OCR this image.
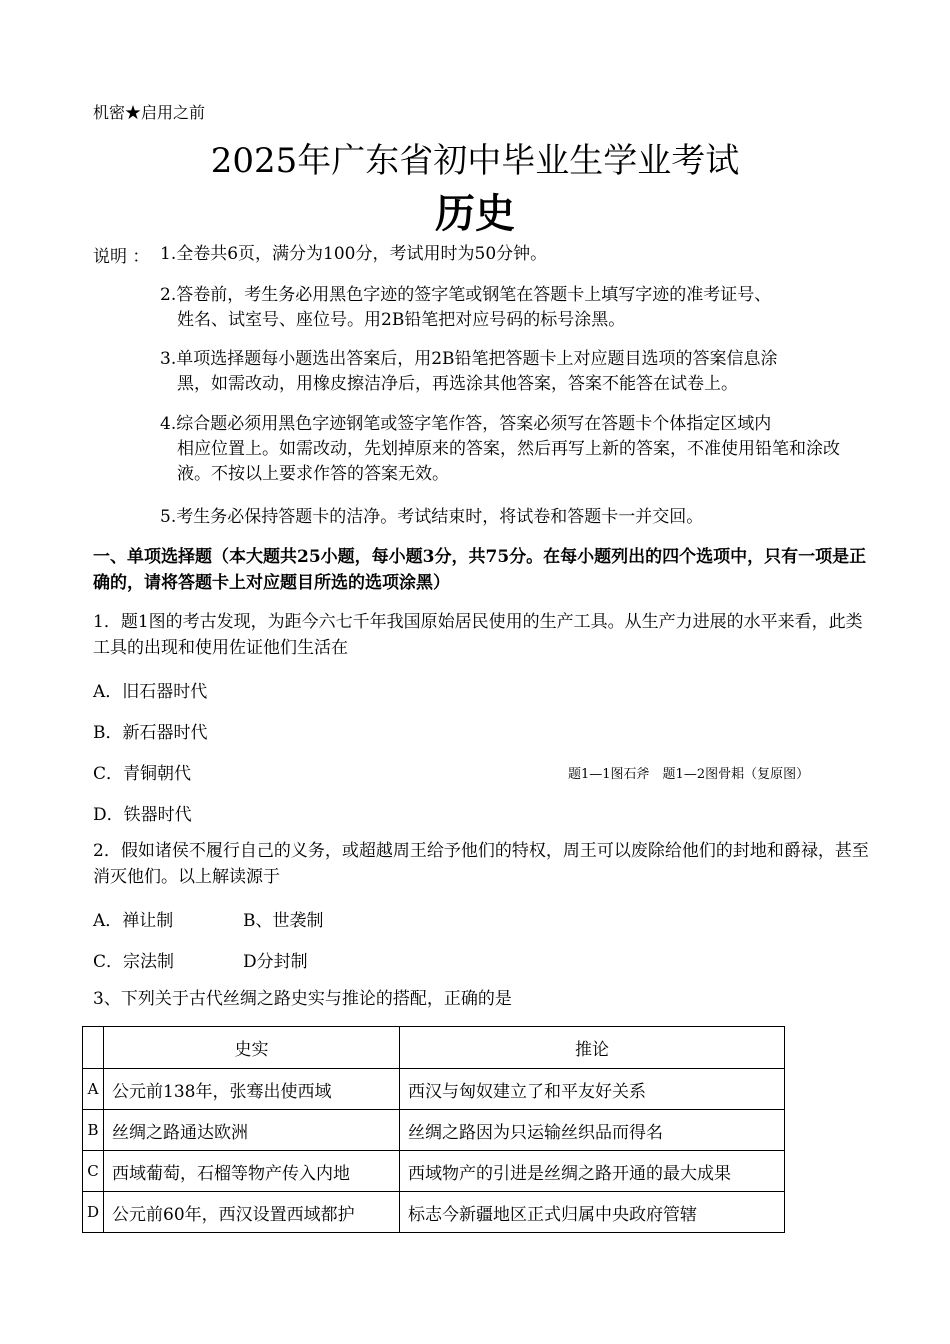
机密★启用之前
2025年广东省初中毕业生学业考试
历史
说明 ： 1.全卷共6页，满分为100分，考试用时为50分钟。
2.答卷前，考生务必用黑色字迹的签字笔或钢笔在答题卡上填写字迹的准考证号、
姓名、试室号、座位号。用2B铅笔把对应号码的标号涂黑。
3.单项选择题每小题选出答案后，用2B铅笔把答题卡上对应题目选项的答案信息涂
黑，如需改动，用橡皮擦洁净后，再选涂其他答案，答案不能答在试卷上。
4.综合题必须用黑色字迹钢笔或签字笔作答，答案必须写在答题卡个体指定区域内
相应位置上。如需改动，先划掉原来的答案，然后再写上新的答案，不准使用铅笔和涂改液。不按以上要求作答的答案无效。
5.考生务必保持答题卡的洁净。考试结束时，将试卷和答题卡一并交回。
一、单项选择题（本大题共25小题，每小题3分，共75分。在每小题列出的四个选项中，只有一项是正确的，请将答题卡上对应题目所选的选项涂黑）
1．题1图的考古发现，为距今六七千年我国原始居民使用的生产工具。从生产力进展的水平来看，此类工具的出现和使用佐证他们生活在
A．旧石器时代
B．新石器时代
C．青铜朝代	题1—1图石斧　题1—2图骨耜（复原图）
D．铁器时代
2．假如诸侯不履行自己的义务，或超越周王给予他们的特权，周王可以废除给他们的封地和爵禄，甚至消灭他们。以上解读源于
A．禅让制	B、世袭制
C．宗法制	D分封制
3、下列关于古代丝绸之路史实与推论的搭配，正确的是
	史实	推论
A	公元前138年，张骞出使西域	西汉与匈奴建立了和平友好关系
B	丝绸之路通达欧洲	丝绸之路因为只运输丝织品而得名
C	西域葡萄，石榴等物产传入内地	西域物产的引进是丝绸之路开通的最大成果
D	公元前60年，西汉设置西域都护	标志今新疆地区正式归属中央政府管辖
